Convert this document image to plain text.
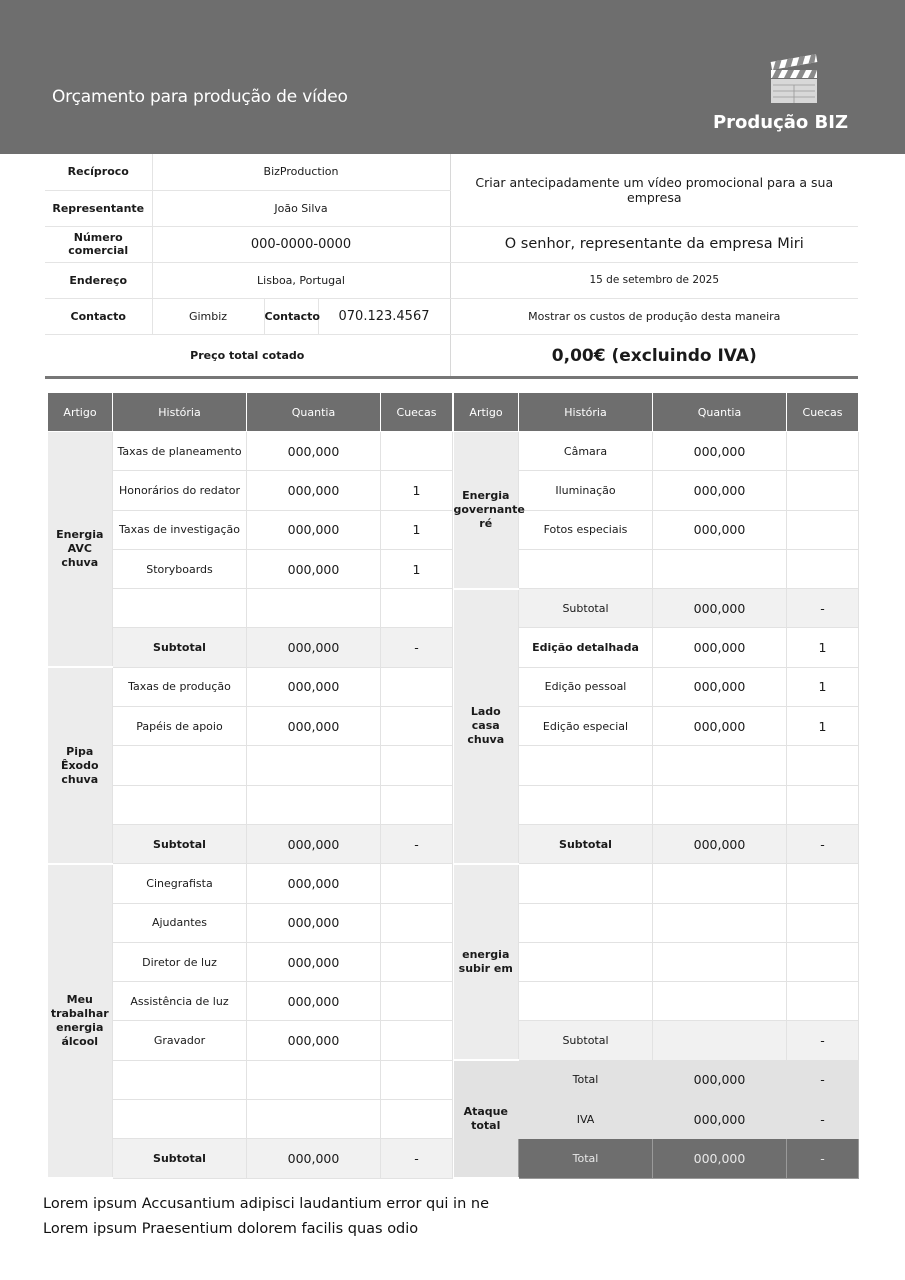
Orçamento para produção de vídeo
Produção BIZ
Recíproco	BizProduction			Criar antecipadamente um vídeo promocional para a sua empresa
Representante	João Silva			
Número comercial	000-0000-0000			O senhor, representante da empresa Miri
Endereço	Lisboa, Portugal			15 de setembro de 2025
Contacto	Gimbiz	Contacto	070.123.4567	Mostrar os custos de produção desta maneira
Preço total cotado				0,00€ (excluindo IVA)
Artigo	História	Quantia	Cuecas
Energia
AVC
chuva	Taxas de planeamento	000,000	
	Honorários do redator	000,000	1
	Taxas de investigação	000,000	1
	Storyboards	000,000	1

	Subtotal	000,000	-
Pipa
Êxodo
chuva	Taxas de produção	000,000	
	Papéis de apoio	000,000	

	Subtotal	000,000	-
Meu
trabalhar
energia
álcool	Cinegrafista	000,000	
	Ajudantes	000,000	
	Diretor de luz	000,000	
	Assistência de luz	000,000	
	Gravador	000,000	

	Subtotal	000,000	-
Artigo	História	Quantia	Cuecas
Energia
governante
ré	Câmara	000,000	
	Iluminação	000,000	
	Fotos especiais	000,000	

Lado
casa
chuva	Subtotal	000,000	-
	Edição detalhada	000,000	1
	Edição pessoal	000,000	1
	Edição especial	000,000	1

	Subtotal	000,000	-
energia
subir em			

	Subtotal		-
Ataque
total	Total	000,000	-
	IVA	000,000	-
	Total	000,000	-
Lorem ipsum Accusantium adipisci laudantium error qui in ne
Lorem ipsum Praesentium dolorem facilis quas odio
